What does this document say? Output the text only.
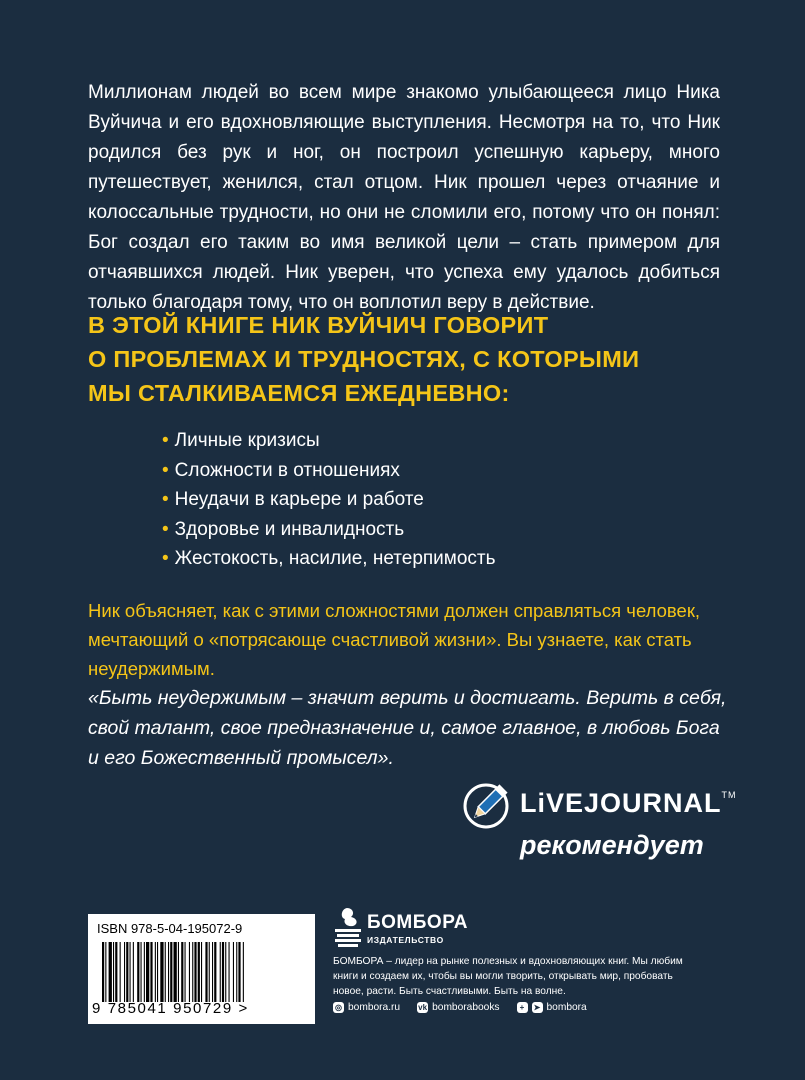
Миллионам людей во всем мире знакомо улыбающееся лицо Ника Вуйчича и его вдохновляющие выступления. Несмотря на то, что Ник родился без рук и ног, он построил успешную карьеру, много путешествует, женился, стал отцом. Ник прошел через отчаяние и колоссальные трудности, но они не сломили его, потому что он понял: Бог создал его таким во имя великой цели – стать примером для отчаявшихся людей. Ник уверен, что успеха ему удалось добиться только благодаря тому, что он воплотил веру в действие.

В ЭТОЙ КНИГЕ НИК ВУЙЧИЧ ГОВОРИТ
О ПРОБЛЕМАХ И ТРУДНОСТЯХ, С КОТОРЫМИ
МЫ СТАЛКИВАЕМСЯ ЕЖЕДНЕВНО:
• Личные кризисы
• Сложности в отношениях
• Неудачи в карьере и работе
• Здоровье и инвалидность
• Жестокость, насилие, нетерпимость

Ник объясняет, как с этими сложностями должен справляться человек, мечтающий о «потрясающе счастливой жизни». Вы узнаете, как стать неудержимым.

«Быть неудержимым – значит верить и достигать. Верить в себя, свой талант, свое предназначение и, самое главное, в любовь Бога и его Божественный промысел».

LiVEJOURNAL™
рекомендует
ISBN 978-5-04-195072-9
9 785041 950729 >
БОМБОРА
ИЗДАТЕЛЬСТВО

БОМБОРА – лидер на рынке полезных и вдохновляющих книг. Мы любим книги и создаем их, чтобы вы могли творить, открывать мир, пробовать новое, расти. Быть счастливыми. Быть на волне.

◎ bombora.ru vk bomborabooks	+	➤ bombora
